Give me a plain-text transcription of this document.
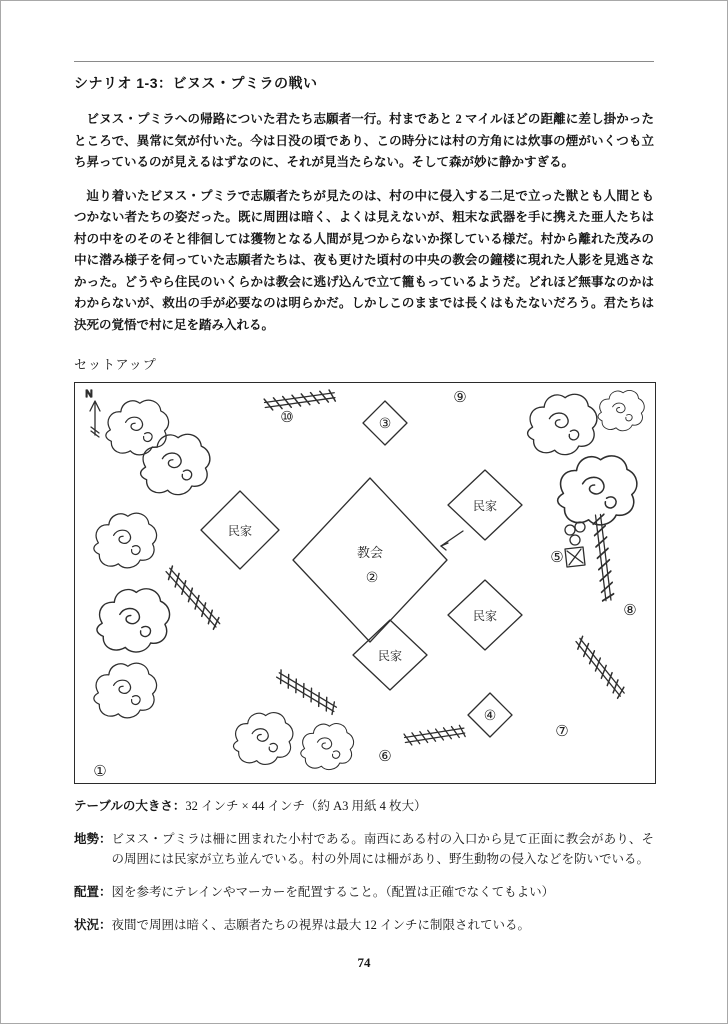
シナリオ 1-3：ビヌス・プミラの戦い

ビヌス・プミラへの帰路についた君たち志願者一行。村まであと 2 マイルほどの距離に差し掛かったところで、異常に気が付いた。今は日没の頃であり、この時分には村の方角には炊事の煙がいくつも立ち昇っているのが見えるはずなのに、それが見当たらない。そして森が妙に静かすぎる。

辿り着いたビヌス・プミラで志願者たちが見たのは、村の中に侵入する二足で立った獣とも人間ともつかない者たちの姿だった。既に周囲は暗く、よくは見えないが、粗末な武器を手に携えた亜人たちは村の中をのそのそと徘徊しては獲物となる人間が見つからないか探している様だ。村から離れた茂みの中に潜み様子を伺っていた志願者たちは、夜も更けた頃村の中央の教会の鐘楼に現れた人影を見逃さなかった。どうやら住民のいくらかは教会に逃げ込んで立て籠もっているようだ。どれほど無事なのかはわからないが、救出の手が必要なのは明らかだ。しかしこのままでは長くはもたないだろう。君たちは決死の覚悟で村に足を踏み入れる。

セットアップ
N
教会
②
民家
民家
民家
民家
③
④
①
⑤
⑥
⑦
⑧
⑨
⑩
テーブルの大きさ： 32 インチ × 44 インチ（約 A3 用紙 4 枚大）
地勢： ビヌス・プミラは柵に囲まれた小村である。南西にある村の入口から見て正面に教会があり、その周囲には民家が立ち並んでいる。村の外周には柵があり、野生動物の侵入などを防いでいる。
配置： 図を参考にテレインやマーカーを配置すること。（配置は正確でなくてもよい）
状況： 夜間で周囲は暗く、志願者たちの視界は最大 12 インチに制限されている。
74
